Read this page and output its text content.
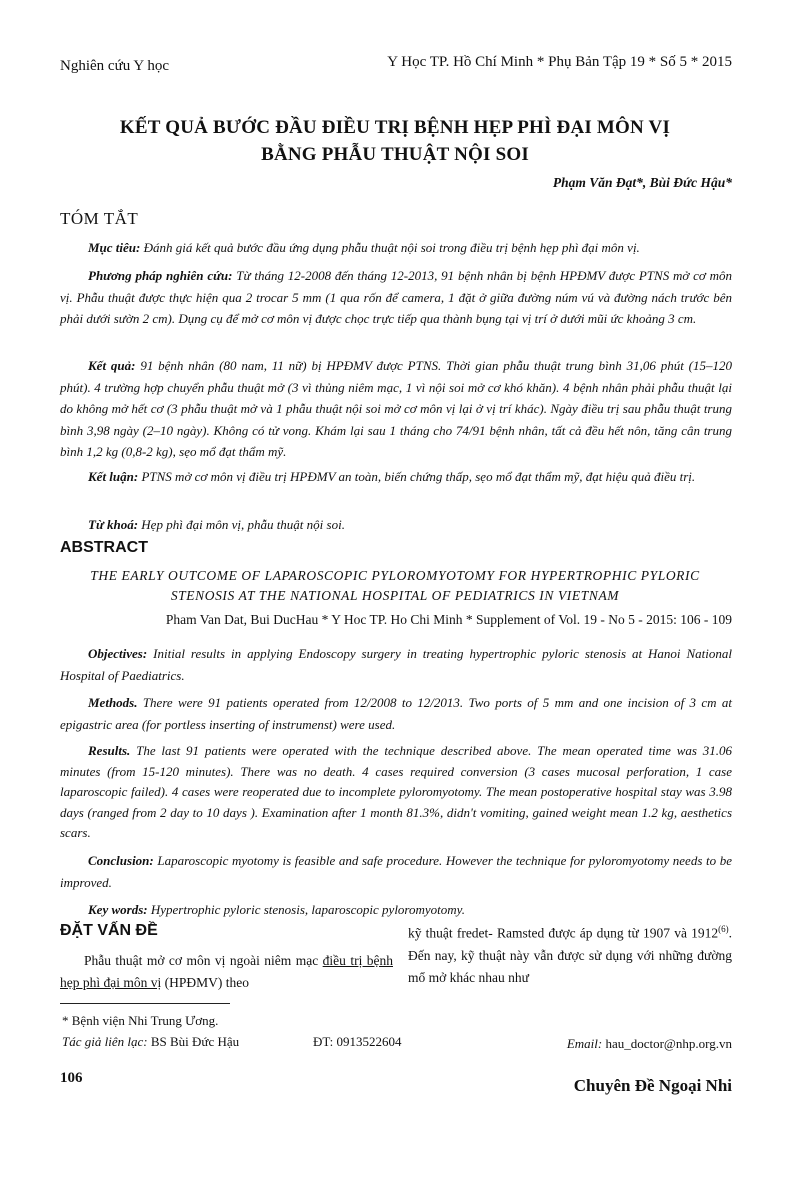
Nghiên cứu Y học	Y Học TP. Hồ Chí Minh * Phụ Bản Tập 19 * Số 5 * 2015
KẾT QUẢ BƯỚC ĐẦU ĐIỀU TRỊ BỆNH HẸP PHÌ ĐẠI MÔN VỊ
BẰNG PHẪU THUẬT NỘI SOI
Phạm Văn Đạt*, Bùi Đức Hậu*
TÓM TẮT
Mục tiêu: Đánh giá kết quả bước đầu ứng dụng phẫu thuật nội soi trong điều trị bệnh hẹp phì đại môn vị.
Phương pháp nghiên cứu: Từ tháng 12-2008 đến tháng 12-2013, 91 bệnh nhân bị bệnh HPĐMV được PTNS mở cơ môn vị. Phẫu thuật được thực hiện qua 2 trocar 5 mm (1 qua rốn để camera, 1 đặt ở giữa đường núm vú và đường nách trước bên phải dưới sườn 2 cm). Dụng cụ để mở cơ môn vị được chọc trực tiếp qua thành bụng tại vị trí ở dưới mũi ức khoảng 3 cm.
Kết quả: 91 bệnh nhân (80 nam, 11 nữ) bị HPĐMV được PTNS. Thời gian phẫu thuật trung bình 31,06 phút (15–120 phút). 4 trường hợp chuyển phẫu thuật mở (3 vì thủng niêm mạc, 1 vì nội soi mở cơ khó khăn). 4 bệnh nhân phải phẫu thuật lại do không mở hết cơ (3 phẫu thuật mở và 1 phẫu thuật nội soi mở cơ môn vị lại ở vị trí khác). Ngày điều trị sau phẫu thuật trung bình 3,98 ngày (2–10 ngày). Không có tử vong. Khám lại sau 1 tháng cho 74/91 bệnh nhân, tất cả đều hết nôn, tăng cân trung bình 1,2 kg (0,8-2 kg), sẹo mổ đạt thẩm mỹ.
Kết luận: PTNS mở cơ môn vị điều trị HPĐMV an toàn, biến chứng thấp, sẹo mổ đạt thẩm mỹ, đạt hiệu quả điều trị.
Từ khoá: Hẹp phì đại môn vị, phẫu thuật nội soi.
ABSTRACT
THE EARLY OUTCOME OF LAPAROSCOPIC PYLOROMYOTOMY FOR HYPERTROPHIC PYLORIC
STENOSIS AT THE NATIONAL HOSPITAL OF PEDIATRICS IN VIETNAM
Pham Van Dat, Bui DucHau * Y Hoc TP. Ho Chi Minh * Supplement of Vol. 19 - No 5 - 2015: 106 - 109
Objectives: Initial results in applying Endoscopy surgery in treating hypertrophic pyloric stenosis at Hanoi National Hospital of Paediatrics.
Methods. There were 91 patients operated from 12/2008 to 12/2013. Two ports of 5 mm and one incision of 3 cm at epigastric area (for portless inserting of instrumenst) were used.
Results. The last 91 patients were operated with the technique described above. The mean operated time was 31.06 minutes (from 15-120 minutes). There was no death. 4 cases required conversion (3 cases mucosal perforation, 1 case laparoscopic failed). 4 cases were reoperated due to incomplete pyloromyotomy. The mean postoperative hospital stay was 3.98 days (ranged from 2 day to 10 days ). Examination after 1 month 81.3%, didn't vomiting, gained weight mean 1.2 kg, aesthetics scars.
Conclusion: Laparoscopic myotomy is feasible and safe procedure. However the technique for pyloromyotomy needs to be improved.
Key words: Hypertrophic pyloric stenosis, laparoscopic pyloromyotomy.
ĐẶT VẤN ĐỀ
Phẫu thuật mở cơ môn vị ngoài niêm mạc điều trị bệnh hẹp phì đại môn vị (HPĐMV) theo
kỹ thuật fredet- Ramsted được áp dụng từ 1907 và 1912$^{(6)}$. Đến nay, kỹ thuật này vẫn được sử dụng với những đường mổ mở khác nhau như
* Bệnh viện Nhi Trung Ương.
Tác giả liên lạc: BS Bùi Đức Hậu	ĐT: 0913522604	Email: hau_doctor@nhp.org.vn
106	Chuyên Đề Ngoại Nhi
